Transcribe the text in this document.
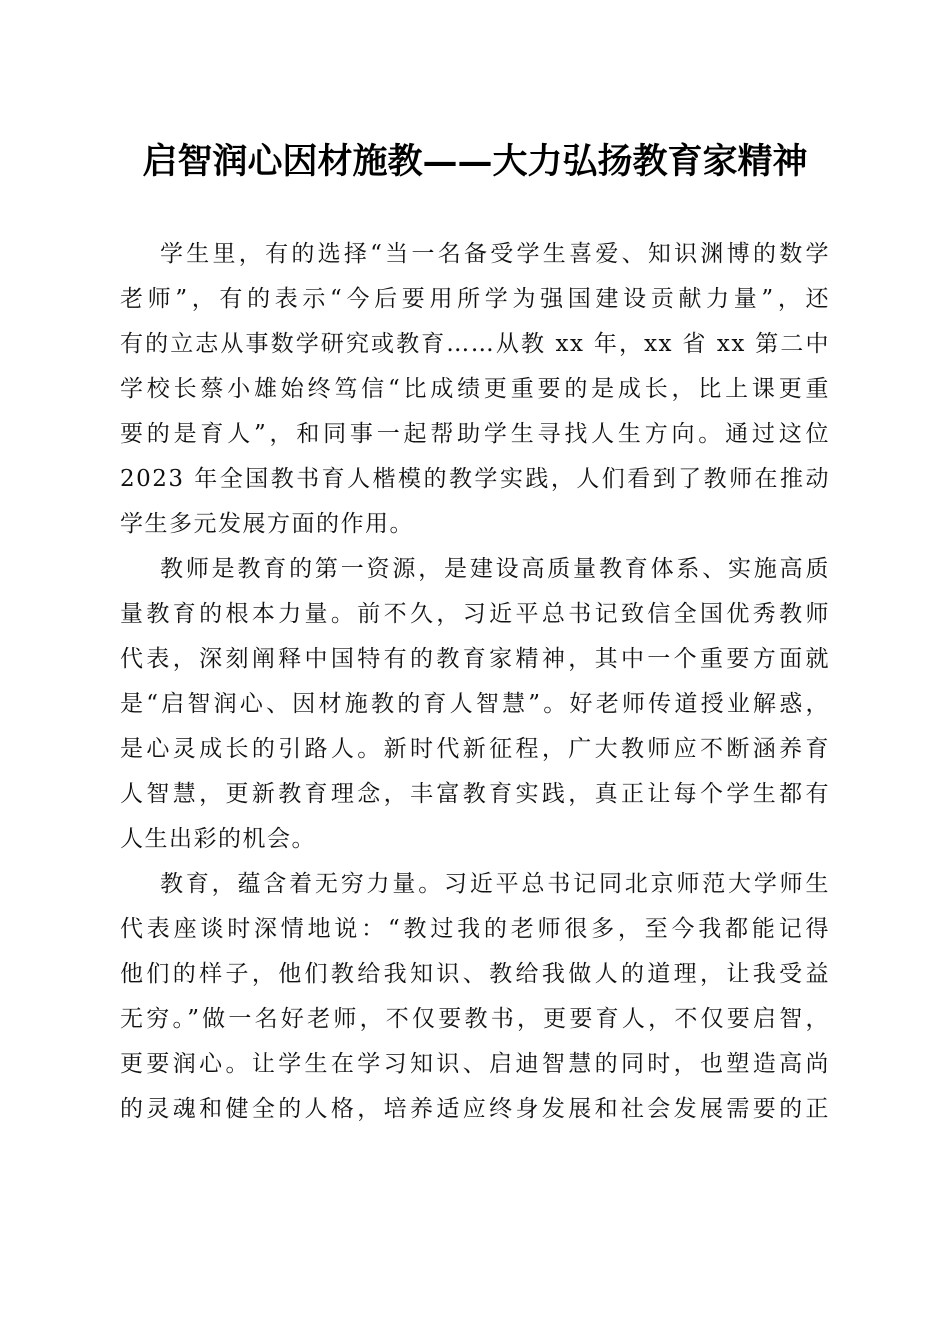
启智润心因材施教——大力弘扬教育家精神
学生里，有的选择“当一名备受学生喜爱、知识渊博的数学
老师”，有的表示“今后要用所学为强国建设贡献力量”，还
有的立志从事数学研究或教育……从教 xx 年，xx 省 xx 第二中
学校长蔡小雄始终笃信“比成绩更重要的是成长，比上课更重
要的是育人”，和同事一起帮助学生寻找人生方向。通过这位
2023 年全国教书育人楷模的教学实践，人们看到了教师在推动
学生多元发展方面的作用。
教师是教育的第一资源，是建设高质量教育体系、实施高质
量教育的根本力量。前不久，习近平总书记致信全国优秀教师
代表，深刻阐释中国特有的教育家精神，其中一个重要方面就
是“启智润心、因材施教的育人智慧”。好老师传道授业解惑，
是心灵成长的引路人。新时代新征程，广大教师应不断涵养育
人智慧，更新教育理念，丰富教育实践，真正让每个学生都有
人生出彩的机会。
教育，蕴含着无穷力量。习近平总书记同北京师范大学师生
代表座谈时深情地说：“教过我的老师很多，至今我都能记得
他们的样子，他们教给我知识、教给我做人的道理，让我受益
无穷。”做一名好老师，不仅要教书，更要育人，不仅要启智，
更要润心。让学生在学习知识、启迪智慧的同时，也塑造高尚
的灵魂和健全的人格，培养适应终身发展和社会发展需要的正
